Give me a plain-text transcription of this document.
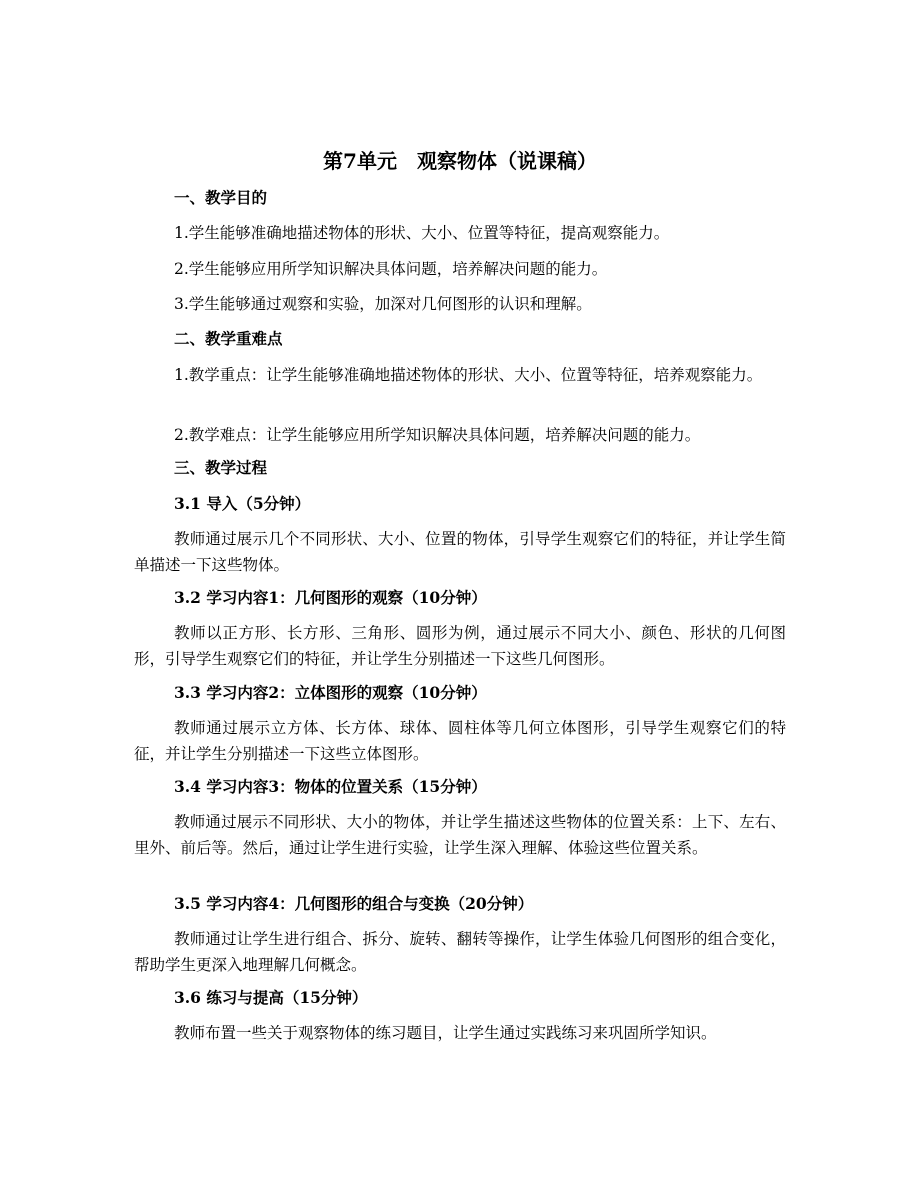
第7单元　观察物体（说课稿）
一、教学目的

1.学生能够准确地描述物体的形状、大小、位置等特征，提高观察能力。

2.学生能够应用所学知识解决具体问题，培养解决问题的能力。

3.学生能够通过观察和实验，加深对几何图形的认识和理解。

二、教学重难点

1.教学重点：让学生能够准确地描述物体的形状、大小、位置等特征，培养观察能力。

2.教学难点：让学生能够应用所学知识解决具体问题，培养解决问题的能力。

三、教学过程
3.1 导入（5分钟）

教师通过展示几个不同形状、大小、位置的物体，引导学生观察它们的特征，并让学生简单描述一下这些物体。

3.2 学习内容1：几何图形的观察（10分钟）

教师以正方形、长方形、三角形、圆形为例，通过展示不同大小、颜色、形状的几何图形，引导学生观察它们的特征，并让学生分别描述一下这些几何图形。

3.3 学习内容2：立体图形的观察（10分钟）

教师通过展示立方体、长方体、球体、圆柱体等几何立体图形，引导学生观察它们的特征，并让学生分别描述一下这些立体图形。

3.4 学习内容3：物体的位置关系（15分钟）

教师通过展示不同形状、大小的物体，并让学生描述这些物体的位置关系：上下、左右、里外、前后等。然后，通过让学生进行实验，让学生深入理解、体验这些位置关系。

3.5 学习内容4：几何图形的组合与变换（20分钟）

教师通过让学生进行组合、拆分、旋转、翻转等操作，让学生体验几何图形的组合变化，帮助学生更深入地理解几何概念。

3.6 练习与提高（15分钟）

教师布置一些关于观察物体的练习题目，让学生通过实践练习来巩固所学知识。
